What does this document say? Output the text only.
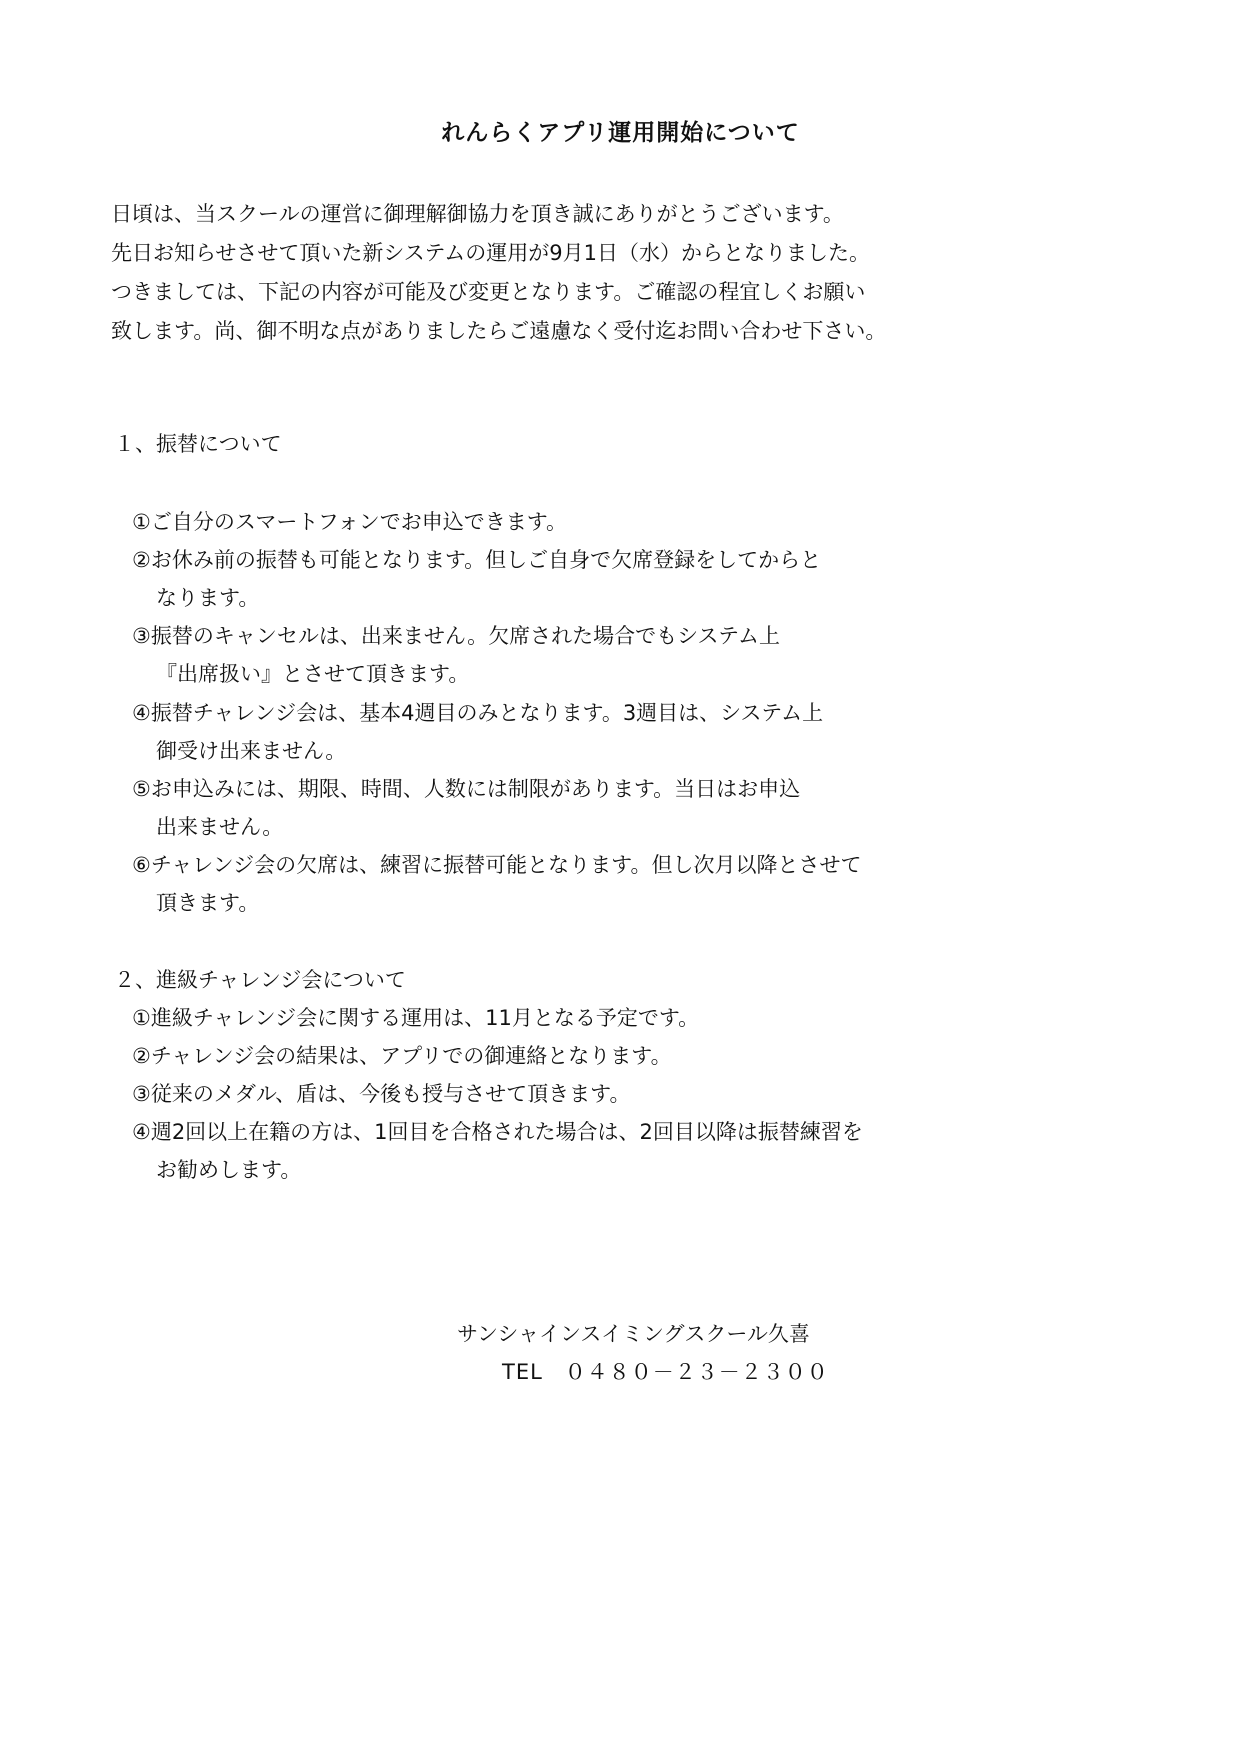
れんらくアプリ運用開始について
日頃は、当スクールの運営に御理解御協力を頂き誠にありがとうございます。
先日お知らせさせて頂いた新システムの運用が9月1日（水）からとなりました。
つきましては、下記の内容が可能及び変更となります。ご確認の程宜しくお願い
致します。尚、御不明な点がありましたらご遠慮なく受付迄お問い合わせ下さい。
１、振替について
①ご自分のスマートフォンでお申込できます。
②お休み前の振替も可能となります。但しご自身で欠席登録をしてからと
なります。
③振替のキャンセルは、出来ません。欠席された場合でもシステム上
『出席扱い』とさせて頂きます。
④振替チャレンジ会は、基本4週目のみとなります。3週目は、システム上
御受け出来ません。
⑤お申込みには、期限、時間、人数には制限があります。当日はお申込
出来ません。
⑥チャレンジ会の欠席は、練習に振替可能となります。但し次月以降とさせて
頂きます。
２、進級チャレンジ会について
①進級チャレンジ会に関する運用は、11月となる予定です。
②チャレンジ会の結果は、アプリでの御連絡となります。
③従来のメダル、盾は、今後も授与させて頂きます。
④週2回以上在籍の方は、1回目を合格された場合は、2回目以降は振替練習を
お勧めします。
サンシャインスイミングスクール久喜
TEL　０４８０－２３－２３００
